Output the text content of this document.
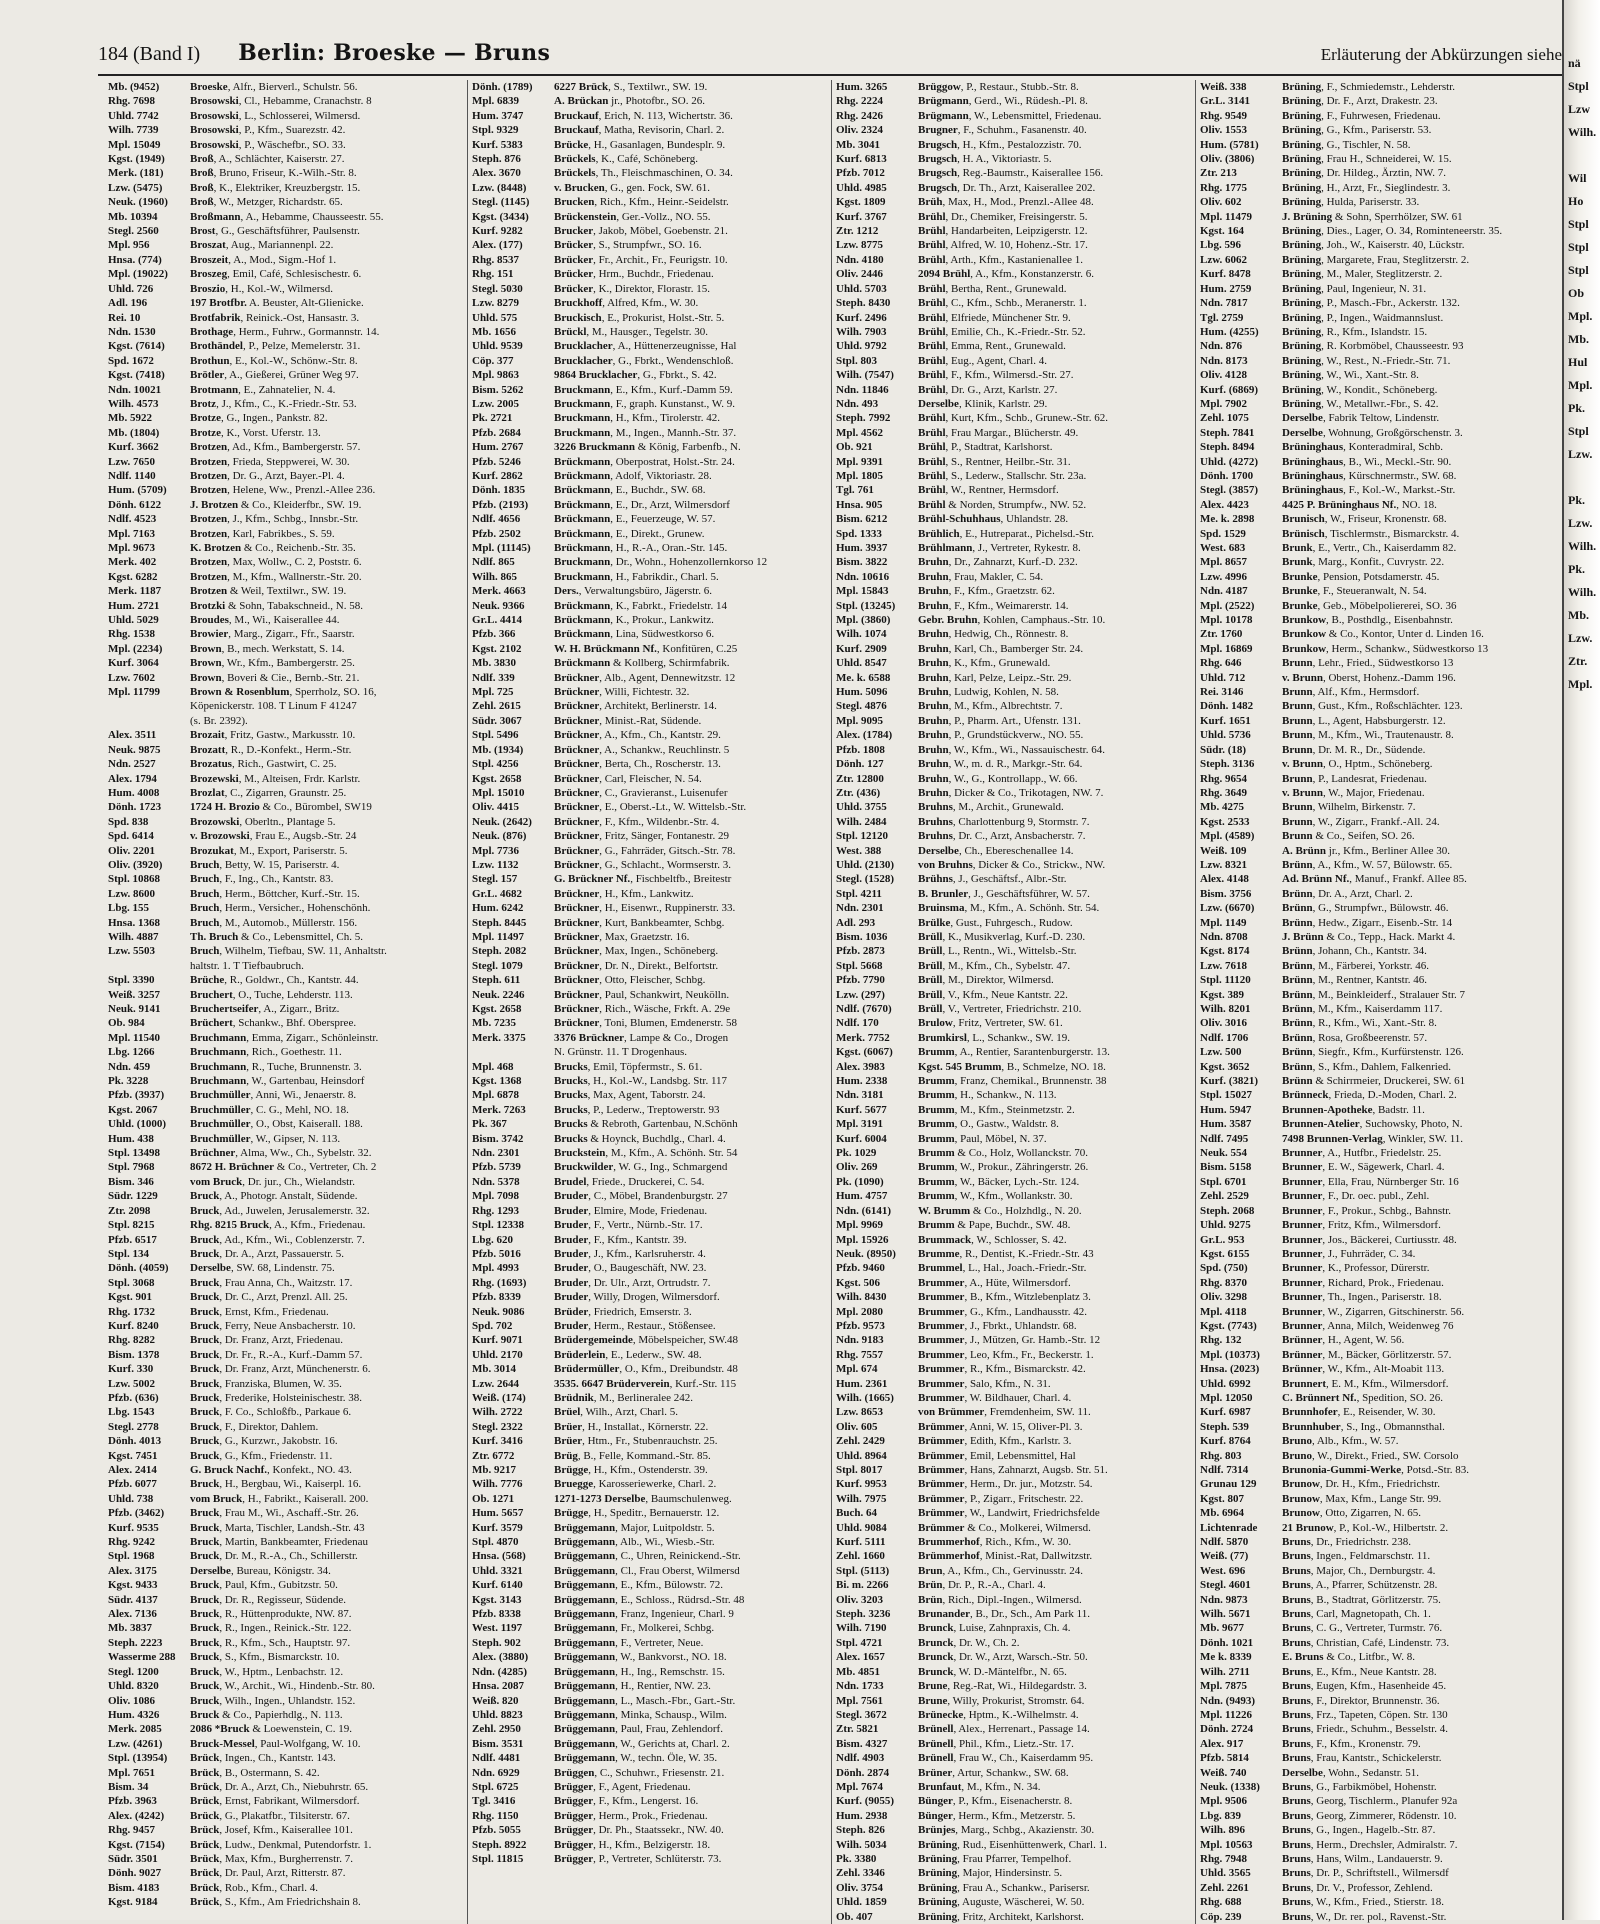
184 (Band I) Berlin: Broeske — Bruns	Erläuterung der Abkürzungen siehe
Mb. (9452)	Broeske, Alfr., Bierverl., Schulstr. 56.
Rhg. 7698	Brosowski, Cl., Hebamme, Cranachstr. 8
Uhld. 7742	Brosowski, L., Schlosserei, Wilmersd.
Wilh. 7739	Brosowski, P., Kfm., Suarezstr. 42.
Mpl. 15049	Brosowski, P., Wäschefbr., SO. 33.
Kgst. (1949) Broß, A., Schlächter, Kaiserstr. 27.
Merk. (181) Broß, Bruno, Friseur, K.-Wilh.-Str. 8.
Lzw. (5475)	Broß, K., Elektriker, Kreuzbergstr. 15.
Neuk. (1960) Broß, W., Metzger, Richardstr. 65.
Mb. 10394	Broßmann, A., Hebamme, Chausseestr. 55.
Stegl. 2560	Brost, G., Geschäftsführer, Paulsenstr.
Mpl. 956	Broszat, Aug., Mariannenpl. 22.
Hnsa. (774)	Broszeit, A., Mod., Sigm.-Hof 1.
Mpl. (19022) Broszeg, Emil, Café, Schlesischestr. 6.
Uhld. 726	Broszio, H., Kol.-W., Wilmersd.
Adl. 196	197 Brotfbr. A. Beuster, Alt-Glienicke.
Rei. 10	Brotfabrik, Reinick.-Ost, Hansastr. 3.
Ndn. 1530	Brothage, Herm., Fuhrw., Gormannstr. 14.
Kgst. (7614) Brothändel, P., Pelze, Memelerstr. 31.
Spd. 1672	Brothun, E., Kol.-W., Schönw.-Str. 8.
Kgst. (7418) Brötler, A., Gießerei, Grüner Weg 97.
Ndn. 10021	Brotmann, E., Zahnatelier, N. 4.
Wilh. 4573	Brotz, J., Kfm., C., K.-Friedr.-Str. 53.
Mb. 5922	Brotze, G., Ingen., Pankstr. 82.
Mb. (1804)	Brotze, K., Vorst. Uferstr. 13.
Kurf. 3662	Brotzen, Ad., Kfm., Bambergerstr. 57.
Lzw. 7650	Brotzen, Frieda, Steppwerei, W. 30.
Ndlf. 1140	Brotzen, Dr. G., Arzt, Bayer.-Pl. 4.
Hum. (5709) Brotzen, Helene, Ww., Prenzl.-Allee 236.
Dönh. 6122	J. Brotzen & Co., Kleiderfbr., SW. 19.
Ndlf. 4523	Brotzen, J., Kfm., Schbg., Innsbr.-Str.
Mpl. 7163	Brotzen, Karl, Fabrikbes., S. 59.
Mpl. 9673	K. Brotzen & Co., Reichenb.-Str. 35.
Merk. 402	Brotzen, Max, Wollw., C. 2, Poststr. 6.
Kgst. 6282	Brotzen, M., Kfm., Wallnerstr.-Str. 20.
Merk. 1187	Brotzen & Weil, Textilwr., SW. 19.
Hum. 2721	Brotzki & Sohn, Tabakschneid., N. 58.
Uhld. 5029	Broudes, M., Wi., Kaiserallee 44.
Rhg. 1538	Browier, Marg., Zigarr., Ffr., Saarstr.
Mpl. (2234)	Brown, B., mech. Werkstatt, S. 14.
Kurf. 3064	Brown, Wr., Kfm., Bambergerstr. 25.
Lzw. 7602	Brown, Boveri & Cie., Bernb.-Str. 21.
Mpl. 11799	Brown & Rosenblum, Sperrholz, SO. 16,
Köpenickerstr. 108. T Linum F 41247
(s. Br. 2392).
Alex. 3511	Brozait, Fritz, Gastw., Markusstr. 10.
Neuk. 9875	Brozatt, R., D.-Konfekt., Herm.-Str.
Ndn. 2527	Brozatus, Rich., Gastwirt, C. 25.
Alex. 1794	Brozewski, M., Alteisen, Frdr. Karlstr.
Hum. 4008	Brozlat, C., Zigarren, Graunstr. 25.
Dönh. 1723	1724 H. Brozio & Co., Bürombel, SW19
Spd. 838	Brozowski, Oberltn., Plantage 5.
Spd. 6414	v. Brozowski, Frau E., Augsb.-Str. 24
Oliv. 2201	Brozukat, M., Export, Pariserstr. 5.
Oliv. (3920)	Bruch, Betty, W. 15, Pariserstr. 4.
Stpl. 10868	Bruch, F., Ing., Ch., Kantstr. 83.
Lzw. 8600	Bruch, Herm., Böttcher, Kurf.-Str. 15.
Lbg. 155	Bruch, Herm., Versicher., Hohenschönh.
Hnsa. 1368	Bruch, M., Automob., Müllerstr. 156.
Wilh. 4887	Th. Bruch & Co., Lebensmittel, Ch. 5.
Lzw. 5503	Bruch, Wilhelm, Tiefbau, SW. 11, Anhaltstr.
haltstr. 1. T Tiefbaubruch.
Stpl. 3390	Brüche, R., Goldwr., Ch., Kantstr. 44.
Weiß. 3257	Bruchert, O., Tuche, Lehderstr. 113.
Neuk. 9141	Bruchertseifer, A., Zigarr., Britz.
Ob. 984	Brüchert, Schankw., Bhf. Oberspree.
Mpl. 11540	Bruchmann, Emma, Zigarr., Schönleinstr.
Lbg. 1266	Bruchmann, Rich., Goethestr. 11.
Ndn. 459	Bruchmann, R., Tuche, Brunnenstr. 3.
Pk. 3228	Bruchmann, W., Gartenbau, Heinsdorf
Pfzb. (3937) Bruchmüller, Anni, Wi., Jenaerstr. 8.
Kgst. 2067	Bruchmüller, C. G., Mehl, NO. 18.
Uhld. (1000) Bruchmüller, O., Obst, Kaiserall. 188.
Hum. 438	Bruchmüller, W., Gipser, N. 113.
Stpl. 13498	Brüchner, Alma, Ww., Ch., Sybelstr. 32.
Stpl. 7968	8672 H. Brüchner & Co., Vertreter, Ch. 2
Bism. 346	vom Bruck, Dr. jur., Ch., Wielandstr.
Südr. 1229	Bruck, A., Photogr. Anstalt, Südende.
Ztr. 2098	Bruck, Ad., Juwelen, Jerusalemerstr. 32.
Stpl. 8215	Rhg. 8215 Bruck, A., Kfm., Friedenau.
Pfzb. 6517	Bruck, Ad., Kfm., Wi., Coblenzerstr. 7.
Stpl. 134	Bruck, Dr. A., Arzt, Passauerstr. 5.
Dönh. (4059) Derselbe, SW. 68, Lindenstr. 75.
Stpl. 3068	Bruck, Frau Anna, Ch., Waitzstr. 17.
Kgst. 901	Bruck, Dr. C., Arzt, Prenzl. All. 25.
Rhg. 1732	Bruck, Ernst, Kfm., Friedenau.
Kurf. 8240	Bruck, Ferry, Neue Ansbacherstr. 10.
Rhg. 8282	Bruck, Dr. Franz, Arzt, Friedenau.
Bism. 1378	Bruck, Dr. Fr., R.-A., Kurf.-Damm 57.
Kurf. 330	Bruck, Dr. Franz, Arzt, Münchenerstr. 6.
Lzw. 5002	Bruck, Franziska, Blumen, W. 35.
Pfzb. (636)	Bruck, Frederike, Holsteinischestr. 38.
Lbg. 1543	Bruck, F. Co., Schloßfb., Parkaue 6.
Stegl. 2778	Bruck, F., Direktor, Dahlem.
Dönh. 4013	Bruck, G., Kurzwr., Jakobstr. 16.
Kgst. 7451	Bruck, G., Kfm., Friedenstr. 11.
Alex. 2414	G. Bruck Nachf., Konfekt., NO. 43.
Pfzb. 6077	Bruck, H., Bergbau, Wi., Kaiserpl. 16.
Uhld. 738	vom Bruck, H., Fabrikt., Kaiserall. 200.
Pfzb. (3462) Bruck, Frau M., Wi., Aschaff.-Str. 26.
Kurf. 9535	Bruck, Marta, Tischler, Landsh.-Str. 43
Rhg. 9242	Bruck, Martin, Bankbeamter, Friedenau
Stpl. 1968	Bruck, Dr. M., R.-A., Ch., Schillerstr.
Alex. 3175	Derselbe, Bureau, Königstr. 34.
Kgst. 9433	Bruck, Paul, Kfm., Gubitzstr. 50.
Südr. 4137	Bruck, Dr. R., Regisseur, Südende.
Alex. 7136	Bruck, R., Hüttenprodukte, NW. 87.
Mb. 3837	Bruck, R., Ingen., Reinick.-Str. 122.
Steph. 2223	Bruck, R., Kfm., Sch., Hauptstr. 97.
Wasserme 288 Bruck, S., Kfm., Bismarckstr. 10.
Stegl. 1200	Bruck, W., Hptm., Lenbachstr. 12.
Uhld. 8320	Bruck, W., Archit., Wi., Hindenb.-Str. 80.
Oliv. 1086	Bruck, Wilh., Ingen., Uhlandstr. 152.
Hum. 4326	Bruck & Co., Papierhdlg., N. 113.
Merk. 2085	2086 *Bruck & Loewenstein, C. 19.
Lzw. (4261)	Bruck-Messel, Paul-Wolfgang, W. 10.
Stpl. (13954) Brück, Ingen., Ch., Kantstr. 143.
Mpl. 7651	Brück, B., Ostermann, S. 42.
Bism. 34	Brück, Dr. A., Arzt, Ch., Niebuhrstr. 65.
Pfzb. 3963	Brück, Ernst, Fabrikant, Wilmersdorf.
Alex. (4242) Brück, G., Plakatfbr., Tilsiterstr. 67.
Rhg. 9457	Brück, Josef, Kfm., Kaiserallee 101.
Kgst. (7154) Brück, Ludw., Denkmal, Putendorfstr. 1.
Südr. 3501	Brück, Max, Kfm., Burgherrenstr. 7.
Dönh. 9027	Brück, Dr. Paul, Arzt, Ritterstr. 87.
Bism. 4183	Brück, Rob., Kfm., Charl. 4.
Kgst. 9184	Brück, S., Kfm., Am Friedrichshain 8.
Dönh. (1789) 6227 Brück, S., Textilwr., SW. 19.
Mpl. 6839	A. Brückan jr., Photofbr., SO. 26.
Hum. 3747	Bruckauf, Erich, N. 113, Wichertstr. 36.
Stpl. 9329	Bruckauf, Matha, Revisorin, Charl. 2.
Kurf. 5383	Brücke, H., Gasanlagen, Bundesplr. 9.
Steph. 876	Brückels, K., Café, Schöneberg.
Alex. 3670	Brückels, Th., Fleischmaschinen, O. 34.
Lzw. (8448)	v. Brucken, G., gen. Fock, SW. 61.
Stegl. (1145) Brucken, Rich., Kfm., Heinr.-Seidelstr.
Kgst. (3434) Brückenstein, Ger.-Vollz., NO. 55.
Kurf. 9282	Brucker, Jakob, Möbel, Goebenstr. 21.
Alex. (177)	Brücker, S., Strumpfwr., SO. 16.
Rhg. 8537	Brücker, Fr., Archit., Fr., Feurigstr. 10.
Rhg. 151	Brücker, Hrm., Buchdr., Friedenau.
Stegl. 5030	Brücker, K., Direktor, Florastr. 15.
Lzw. 8279	Bruckhoff, Alfred, Kfm., W. 30.
Uhld. 575	Bruckisch, E., Prokurist, Holst.-Str. 5.
Mb. 1656	Brückl, M., Hausger., Tegelstr. 30.
Uhld. 9539	Brucklacher, A., Hüttenerzeugnisse, Hal
Cöp. 377	Brucklacher, G., Fbrkt., Wendenschloß.
Mpl. 9863	9864 Brucklacher, G., Fbrkt., S. 42.
Bism. 5262	Bruckmann, E., Kfm., Kurf.-Damm 59.
Lzw. 2005	Bruckmann, F., graph. Kunstanst., W. 9.
Pk. 2721	Bruckmann, H., Kfm., Tirolerstr. 42.
Pfzb. 2684	Bruckmann, M., Ingen., Mannh.-Str. 37.
Hum. 2767	3226 Bruckmann & König, Farbenfb., N.
Pfzb. 5246	Brückmann, Oberpostrat, Holst.-Str. 24.
Kurf. 2862	Brückmann, Adolf, Viktoriastr. 28.
Dönh. 1835	Brückmann, E., Buchdr., SW. 68.
Pfzb. (2193) Brückmann, E., Dr., Arzt, Wilmersdorf
Ndlf. 4656	Brückmann, E., Feuerzeuge, W. 57.
Pfzb. 2502	Brückmann, E., Direkt., Grunew.
Mpl. (11145) Brückmann, H., R.-A., Oran.-Str. 145.
Ndlf. 865	Bruckmann, Dr., Wohn., Hohenzollernkorso 12
Wilh. 865	Bruckmann, H., Fabrikdir., Charl. 5.
Merk. 4663	Ders., Verwaltungsbüro, Jägerstr. 6.
Neuk. 9366	Brückmann, K., Fabrkt., Friedelstr. 14
Gr.L. 4414	Brückmann, K., Prokur., Lankwitz.
Pfzb. 366	Brückmann, Lina, Südwestkorso 6.
Kgst. 2102	W. H. Brückmann Nf., Konfitüren, C.25
Mb. 3830	Brückmann & Kollberg, Schirmfabrik.
Ndlf. 339	Brückner, Alb., Agent, Dennewitzstr. 12
Mpl. 725	Brückner, Willi, Fichtestr. 32.
Zehl. 2615	Brückner, Architekt, Berlinerstr. 14.
Südr. 3067	Brückner, Minist.-Rat, Südende.
Stpl. 5496	Brückner, A., Kfm., Ch., Kantstr. 29.
Mb. (1934)	Brückner, A., Schankw., Reuchlinstr. 5
Stpl. 4256	Brückner, Berta, Ch., Roscherstr. 13.
Kgst. 2658	Brückner, Carl, Fleischer, N. 54.
Mpl. 15010	Brückner, C., Gravieranst., Luisenufer
Oliv. 4415	Brückner, E., Oberst.-Lt., W. Wittelsb.-Str.
Neuk. (2642) Brückner, F., Kfm., Wildenbr.-Str. 4.
Neuk. (876)	Brückner, Fritz, Sänger, Fontanestr. 29
Mpl. 7736	Brückner, G., Fahrräder, Gitsch.-Str. 78.
Lzw. 1132	Brückner, G., Schlacht., Wormserstr. 3.
Stegl. 157	G. Brückner Nf., Fischbeltfb., Breitestr
Gr.L. 4682	Brückner, H., Kfm., Lankwitz.
Hum. 6242	Brückner, H., Eisenwr., Ruppinerstr. 33.
Steph. 8445	Brückner, Kurt, Bankbeamter, Schbg.
Mpl. 11497	Brückner, Max, Graetzstr. 16.
Steph. 2082	Brückner, Max, Ingen., Schöneberg.
Stegl. 1079	Brückner, Dr. N., Direkt., Belfortstr.
Steph. 611	Brückner, Otto, Fleischer, Schbg.
Neuk. 2246	Brückner, Paul, Schankwirt, Neukölln.
Kgst. 2658	Brückner, Rich., Wäsche, Frkft. A. 29e
Mb. 7235	Brückner, Toni, Blumen, Emdenerstr. 58
Merk. 3375	3376 Brückner, Lampe & Co., Drogen
N. Grünstr. 11. T Drogenhaus.
Mpl. 468	Brucks, Emil, Töpfermstr., S. 61.
Kgst. 1368	Brucks, H., Kol.-W., Landsbg. Str. 117
Mpl. 6878	Brucks, Max, Agent, Taborstr. 24.
Merk. 7263	Brucks, P., Lederw., Treptowerstr. 93
Pk. 367	Brucks & Rebroth, Gartenbau, N.Schönh
Bism. 3742	Brucks & Hoynck, Buchdlg., Charl. 4.
Ndn. 2301	Bruckstein, M., Kfm., A. Schönh. Str. 54
Pfzb. 5739	Bruckwilder, W. G., Ing., Schmargend
Ndn. 5378	Brudel, Friede., Druckerei, C. 54.
Mpl. 7098	Bruder, C., Möbel, Brandenburgstr. 27
Rhg. 1293	Bruder, Elmire, Mode, Friedenau.
Stpl. 12338	Bruder, F., Vertr., Nürnb.-Str. 17.
Lbg. 620	Bruder, F., Kfm., Kantstr. 39.
Pfzb. 5016	Bruder, J., Kfm., Karlsruherstr. 4.
Mpl. 4993	Bruder, O., Baugeschäft, NW. 23.
Rhg. (1693)	Bruder, Dr. Ulr., Arzt, Ortrudstr. 7.
Pfzb. 8339	Bruder, Willy, Drogen, Wilmersdorf.
Neuk. 9086	Brüder, Friedrich, Emserstr. 3.
Spd. 702	Bruder, Herm., Restaur., Stößensee.
Kurf. 9071	Brüdergemeinde, Möbelspeicher, SW.48
Uhld. 2170	Brüderlein, E., Lederw., SW. 48.
Mb. 3014	Brüdermüller, O., Kfm., Dreibundstr. 48
Lzw. 2644	3535. 6647 Brüderverein, Kurf.-Str. 115
Weiß. (174)	Brüdnik, M., Berlineralee 242.
Wilh. 2722	Brüel, Wilh., Arzt, Charl. 5.
Stegl. 2322	Brüer, H., Installat., Körnerstr. 22.
Kurf. 3416	Brüer, Htm., Fr., Stubenrauchstr. 25.
Ztr. 6772	Brüg, B., Felle, Kommand.-Str. 85.
Mb. 9217	Brügge, H., Kfm., Ostenderstr. 39.
Wilh. 7776	Bruegge, Karosseriewerke, Charl. 2.
Ob. 1271	1271-1273 Derselbe, Baumschulenweg.
Hum. 5657	Brügge, H., Speditr., Bernauerstr. 12.
Kurf. 3579	Brüggemann, Major, Luitpoldstr. 5.
Stpl. 4870	Brüggemann, Alb., Wi., Wiesb.-Str.
Hnsa. (568)	Brüggemann, C., Uhren, Reinickend.-Str.
Uhld. 3321	Brüggemann, Cl., Frau Oberst, Wilmersd
Kurf. 6140	Brüggemann, E., Kfm., Bülowstr. 72.
Kgst. 3143	Brüggemann, E., Schloss., Rüdrsd.-Str. 48
Pfzb. 8338	Brüggemann, Franz, Ingenieur, Charl. 9
West. 1197	Brüggemann, Fr., Molkerei, Schbg.
Steph. 902	Brüggemann, F., Vertreter, Neue.
Alex. (3880) Brüggemann, W., Bankvorst., NO. 18.
Ndn. (4285) Brüggemann, H., Ing., Remschstr. 15.
Hnsa. 2087	Brüggemann, H., Rentier, NW. 23.
Weiß. 820	Brüggemann, L., Masch.-Fbr., Gart.-Str.
Uhld. 8823	Brüggemann, Minka, Schausp., Wilm.
Zehl. 2950	Brüggemann, Paul, Frau, Zehlendorf.
Bism. 3531	Brüggemann, W., Gerichts at, Charl. 2.
Ndlf. 4481	Brüggemann, W., techn. Öle, W. 35.
Ndn. 6929	Brüggen, C., Schuhwr., Friesenstr. 21.
Stpl. 6725	Brügger, F., Agent, Friedenau.
Tgl. 3416	Brügger, F., Kfm., Lengerst. 16.
Rhg. 1150	Brügger, Herm., Prok., Friedenau.
Pfzb. 5055	Brügger, Dr. Ph., Staatssekr., NW. 40.
Steph. 8922	Brügger, H., Kfm., Belzigerstr. 18.
Stpl. 11815	Brügger, P., Vertreter, Schlüterstr. 73.
Hum. 3265	Brüggow, P., Restaur., Stubb.-Str. 8.
Rhg. 2224	Brügmann, Gerd., Wi., Rüdesh.-Pl. 8.
Rhg. 2426	Brügmann, W., Lebensmittel, Friedenau.
Oliv. 2324	Brugner, F., Schuhm., Fasanenstr. 40.
Mb. 3041	Brugsch, H., Kfm., Pestalozzistr. 70.
Kurf. 6813	Brugsch, H. A., Viktoriastr. 5.
Pfzb. 7012	Brugsch, Reg.-Baumstr., Kaiserallee 156.
Uhld. 4985	Brugsch, Dr. Th., Arzt, Kaiserallee 202.
Kgst. 1809	Brüh, Max, H., Mod., Prenzl.-Allee 48.
Kurf. 3767	Brühl, Dr., Chemiker, Freisingerstr. 5.
Ztr. 1212	Brühl, Handarbeiten, Leipzigerstr. 12.
Lzw. 8775	Brühl, Alfred, W. 10, Hohenz.-Str. 17.
Ndn. 4180	Brühl, Arth., Kfm., Kastanienallee 1.
Oliv. 2446	2094 Brühl, A., Kfm., Konstanzerstr. 6.
Uhld. 5703	Brühl, Bertha, Rent., Grunewald.
Steph. 8430	Brühl, C., Kfm., Schb., Meranerstr. 1.
Kurf. 2496	Brühl, Elfriede, Münchener Str. 9.
Wilh. 7903	Brühl, Emilie, Ch., K.-Friedr.-Str. 52.
Uhld. 9792	Brühl, Emma, Rent., Grunewald.
Stpl. 803	Brühl, Eug., Agent, Charl. 4.
Wilh. (7547) Brühl, F., Kfm., Wilmersd.-Str. 27.
Ndn. 11846	Brühl, Dr. G., Arzt, Karlstr. 27.
Ndn. 493	Derselbe, Klinik, Karlstr. 29.
Steph. 7992	Brühl, Kurt, Kfm., Schb., Grunew.-Str. 62.
Mpl. 4562	Brühl, Frau Margar., Blücherstr. 49.
Ob. 921	Brühl, P., Stadtrat, Karlshorst.
Mpl. 9391	Brühl, S., Rentner, Heilbr.-Str. 31.
Mpl. 1805	Brühl, S., Lederw., Stallschr. Str. 23a.
Tgl. 761	Brühl, W., Rentner, Hermsdorf.
Hnsa. 905	Brühl & Norden, Strumpfw., NW. 52.
Bism. 6212	Brühl-Schuhhaus, Uhlandstr. 28.
Spd. 1333	Brühlich, E., Hutreparat., Pichelsd.-Str.
Hum. 3937	Brühlmann, J., Vertreter, Rykestr. 8.
Bism. 3822	Bruhn, Dr., Zahnarzt, Kurf.-D. 232.
Ndn. 10616	Bruhn, Frau, Makler, C. 54.
Mpl. 15843	Bruhn, F., Kfm., Graetzstr. 62.
Stpl. (13245) Bruhn, F., Kfm., Weimarerstr. 14.
Mpl. (3860)	Gebr. Bruhn, Kohlen, Camphaus.-Str. 10.
Wilh. 1074	Bruhn, Hedwig, Ch., Rönnestr. 8.
Kurf. 2909	Bruhn, Karl, Ch., Bamberger Str. 24.
Uhld. 8547	Bruhn, K., Kfm., Grunewald.
Me. k. 6588	Bruhn, Karl, Pelze, Leipz.-Str. 29.
Hum. 5096	Bruhn, Ludwig, Kohlen, N. 58.
Stegl. 4876	Bruhn, M., Kfm., Albrechtstr. 7.
Mpl. 9095	Bruhn, P., Pharm. Art., Ufenstr. 131.
Alex. (1784) Bruhn, P., Grundstückverw., NO. 55.
Pfzb. 1808	Bruhn, W., Kfm., Wi., Nassauischestr. 64.
Dönh. 127	Bruhn, W., m. d. R., Markgr.-Str. 64.
Ztr. 12800	Bruhn, W., G., Kontrollapp., W. 66.
Ztr. (436)	Bruhn, Dicker & Co., Trikotagen, NW. 7.
Uhld. 3755	Bruhns, M., Archit., Grunewald.
Wilh. 2484	Bruhns, Charlottenburg 9, Stormstr. 7.
Stpl. 12120	Bruhns, Dr. C., Arzt, Ansbacherstr. 7.
West. 388	Derselbe, Ch., Ebereschenallee 14.
Uhld. (2130) von Bruhns, Dicker & Co., Strickw., NW.
Stegl. (1528) Brühns, J., Geschäftsf., Albr.-Str.
Stpl. 4211	B. Brunler, J., Geschäftsführer, W. 57.
Ndn. 2301	Bruinsma, M., Kfm., A. Schönh. Str. 54.
Adl. 293	Brülke, Gust., Fuhrgesch., Rudow.
Bism. 1036	Brüll, K., Musikverlag, Kurf.-D. 230.
Pfzb. 2873	Brüll, L., Rentn., Wi., Wittelsb.-Str.
Stpl. 5668	Brüll, M., Kfm., Ch., Sybelstr. 47.
Pfzb. 7790	Brüll, M., Direktor, Wilmersd.
Lzw. (297)	Brüll, V., Kfm., Neue Kantstr. 22.
Ndlf. (7670) Brüll, V., Vertreter, Friedrichstr. 210.
Ndlf. 170	Brulow, Fritz, Vertreter, SW. 61.
Merk. 7752	Brumkirsl, L., Schankw., SW. 19.
Kgst. (6067) Brumm, A., Rentier, Sarantenburgerstr. 13.
Alex. 3983	Kgst. 545 Brumm, B., Schmelze, NO. 18.
Hum. 2338	Brumm, Franz, Chemikal., Brunnenstr. 38
Ndn. 3181	Brumm, H., Schankw., N. 113.
Kurf. 5677	Brumm, M., Kfm., Steinmetzstr. 2.
Mpl. 3191	Brumm, O., Gastw., Waldstr. 8.
Kurf. 6004	Brumm, Paul, Möbel, N. 37.
Pk. 1029	Brumm & Co., Holz, Wollanckstr. 70.
Oliv. 269	Brumm, W., Prokur., Zähringerstr. 26.
Pk. (1090)	Brumm, W., Bäcker, Lych.-Str. 124.
Hum. 4757	Brumm, W., Kfm., Wollankstr. 30.
Ndn. (6141) W. Brumm & Co., Holzhdlg., N. 20.
Mpl. 9969	Brumm & Pape, Buchdr., SW. 48.
Mpl. 15926	Brummack, W., Schlosser, S. 42.
Neuk. (8950) Brumme, R., Dentist, K.-Friedr.-Str. 43
Pfzb. 9460	Brummel, L., Hal., Joach.-Friedr.-Str.
Kgst. 506	Brummer, A., Hüte, Wilmersdorf.
Wilh. 8430	Brummer, B., Kfm., Witzlebenplatz 3.
Mpl. 2080	Brummer, G., Kfm., Landhausstr. 42.
Pfzb. 9573	Brummer, J., Fbrkt., Uhlandstr. 68.
Ndn. 9183	Brummer, J., Mützen, Gr. Hamb.-Str. 12
Rhg. 7557	Brummer, Leo, Kfm., Fr., Beckerstr. 1.
Mpl. 674	Brummer, R., Kfm., Bismarckstr. 42.
Hum. 2361	Brummer, Salo, Kfm., N. 31.
Wilh. (1665) Brummer, W. Bildhauer, Charl. 4.
Lzw. 8653	von Brümmer, Fremdenheim, SW. 11.
Oliv. 605	Brümmer, Anni, W. 15, Oliver-Pl. 3.
Zehl. 2429	Brümmer, Edith, Kfm., Karlstr. 3.
Uhld. 8964	Brümmer, Emil, Lebensmittel, Hal
Stpl. 8017	Brümmer, Hans, Zahnarzt, Augsb. Str. 51.
Kurf. 9953	Brümmer, Herm., Dr. jur., Motzstr. 54.
Wilh. 7975	Brümmer, P., Zigarr., Fritschestr. 22.
Buch. 64	Brümmer, W., Landwirt, Friedrichsfelde
Uhld. 9084	Brümmer & Co., Molkerei, Wilmersd.
Kurf. 5111	Brummerhof, Rich., Kfm., W. 30.
Zehl. 1660	Brümmerhof, Minist.-Rat, Dallwitzstr.
Stpl. (5113)	Brun, A., Kfm., Ch., Gervinusstr. 24.
Bi. m. 2266	Brün, Dr. P., R.-A., Charl. 4.
Oliv. 3203	Brün, Rich., Dipl.-Ingen., Wilmersd.
Steph. 3236	Brunander, B., Dr., Sch., Am Park 11.
Wilh. 7190	Brunck, Luise, Zahnpraxis, Ch. 4.
Stpl. 4721	Brunck, Dr. W., Ch. 2.
Alex. 1657	Brunck, Dr. W., Arzt, Warsch.-Str. 50.
Mb. 4851	Brunck, W. D.-Mäntelfbr., N. 65.
Ndn. 1733	Brune, Reg.-Rat, Wi., Hildegardstr. 3.
Mpl. 7561	Brune, Willy, Prokurist, Stromstr. 64.
Stegl. 3672	Brünecke, Hptm., K.-Wilhelmstr. 4.
Ztr. 5821	Brünell, Alex., Herrenart., Passage 14.
Bism. 4327	Brünell, Phil., Kfm., Lietz.-Str. 17.
Ndlf. 4903	Brünell, Frau W., Ch., Kaiserdamm 95.
Dönh. 2874	Brüner, Artur, Schankw., SW. 68.
Mpl. 7674	Brunfaut, M., Kfm., N. 34.
Kurf. (9055) Bünger, P., Kfm., Eisenacherstr. 8.
Hum. 2938	Bünger, Herm., Kfm., Metzerstr. 5.
Steph. 826	Brünjes, Marg., Schbg., Akazienstr. 30.
Wilh. 5034	Brüning, Rud., Eisenhüttenwerk, Charl. 1.
Pk. 3380	Brüning, Frau Pfarrer, Tempelhof.
Zehl. 3346	Brüning, Major, Hindersinstr. 5.
Oliv. 3754	Brüning, Frau A., Schankw., Parisersr.
Uhld. 1859	Brüning, Auguste, Wäscherei, W. 50.
Ob. 407	Brüning, Fritz, Architekt, Karlshorst.
Weiß. 338	Brüning, F., Schmiedemstr., Lehderstr.
Gr.L. 3141	Brüning, Dr. F., Arzt, Drakestr. 23.
Rhg. 9549	Brüning, F., Fuhrwesen, Friedenau.
Oliv. 1553	Brüning, G., Kfm., Pariserstr. 53.
Hum. (5781) Brüning, G., Tischler, N. 58.
Oliv. (3806)	Brüning, Frau H., Schneiderei, W. 15.
Ztr. 213	Brüning, Dr. Hildeg., Ärztin, NW. 7.
Rhg. 1775	Brüning, H., Arzt, Fr., Sieglindestr. 3.
Oliv. 602	Brüning, Hulda, Pariserstr. 33.
Mpl. 11479	J. Brüning & Sohn, Sperrhölzer, SW. 61
Kgst. 164	Brüning, Dies., Lager, O. 34, Rominteneerstr. 35.
Lbg. 596	Brüning, Joh., W., Kaiserstr. 40, Lückstr.
Lzw. 6062	Brüning, Margarete, Frau, Steglitzerstr. 2.
Kurf. 8478	Brüning, M., Maler, Steglitzerstr. 2.
Hum. 2759	Brüning, Paul, Ingenieur, N. 31.
Ndn. 7817	Brüning, P., Masch.-Fbr., Ackerstr. 132.
Tgl. 2759	Brüning, P., Ingen., Waidmannslust.
Hum. (4255) Brüning, R., Kfm., Islandstr. 15.
Ndn. 876	Brüning, R. Korbmöbel, Chausseestr. 93
Ndn. 8173	Brüning, W., Rest., N.-Friedr.-Str. 71.
Oliv. 4128	Brüning, W., Wi., Xant.-Str. 8.
Kurf. (6869) Brüning, W., Kondit., Schöneberg.
Mpl. 7902	Brüning, W., Metallwr.-Fbr., S. 42.
Zehl. 1075	Derselbe, Fabrik Teltow, Lindenstr.
Steph. 7841	Derselbe, Wohnung, Großgörschenstr. 3.
Steph. 8494	Brüninghaus, Konteradmiral, Schb.
Uhld. (4272) Brüninghaus, B., Wi., Meckl.-Str. 90.
Dönh. 1700	Brüninghaus, Kürschnermstr., SW. 68.
Stegl. (3857) Brüninghaus, F., Kol.-W., Markst.-Str.
Alex. 4423	4425 P. Brüninghaus Nf., NO. 18.
Me. k. 2898	Brunisch, W., Friseur, Kronenstr. 68.
Spd. 1529	Brünisch, Tischlermstr., Bismarckstr. 4.
West. 683	Brunk, E., Vertr., Ch., Kaiserdamm 82.
Mpl. 8657	Brunk, Marg., Konfit., Cuvrystr. 22.
Lzw. 4996	Brunke, Pension, Potsdamerstr. 45.
Ndn. 4187	Brunke, F., Steueranwalt, N. 54.
Mpl. (2522)	Brunke, Geb., Möbelpoliererei, SO. 36
Mpl. 10178	Brunkow, B., Posthdlg., Eisenbahnstr.
Ztr. 1760	Brunkow & Co., Kontor, Unter d. Linden 16.
Mpl. 16869	Brunkow, Herm., Schankw., Südwestkorso 13
Rhg. 646	Brunn, Lehr., Fried., Südwestkorso 13
Uhld. 712	v. Brunn, Oberst, Hohenz.-Damm 196.
Rei. 3146	Brunn, Alf., Kfm., Hermsdorf.
Dönh. 1482	Brunn, Gust., Kfm., Roßschlächter. 123.
Kurf. 1651	Brunn, L., Agent, Habsburgerstr. 12.
Uhld. 5736	Brunn, M., Kfm., Wi., Trautenaustr. 8.
Südr. (18)	Brunn, Dr. M. R., Dr., Südende.
Steph. 3136	v. Brunn, O., Hptm., Schöneberg.
Rhg. 9654	Brunn, P., Landesrat, Friedenau.
Rhg. 3649	v. Brunn, W., Major, Friedenau.
Mb. 4275	Brunn, Wilhelm, Birkenstr. 7.
Kgst. 2533	Brunn, W., Zigarr., Frankf.-All. 24.
Mpl. (4589)	Brunn & Co., Seifen, SO. 26.
Weiß. 109	A. Brünn jr., Kfm., Berliner Allee 30.
Lzw. 8321	Brünn, A., Kfm., W. 57, Bülowstr. 65.
Alex. 4148	Ad. Brünn Nf., Manuf., Frankf. Allee 85.
Bism. 3756	Brünn, Dr. A., Arzt, Charl. 2.
Lzw. (6670)	Brünn, G., Strumpfwr., Bülowstr. 46.
Mpl. 1149	Brünn, Hedw., Zigarr., Eisenb.-Str. 14
Ndn. 8708	J. Brünn & Co., Tepp., Hack. Markt 4.
Kgst. 8174	Brünn, Johann, Ch., Kantstr. 34.
Lzw. 7618	Brünn, M., Färberei, Yorkstr. 46.
Stpl. 11120	Brünn, M., Rentner, Kantstr. 46.
Kgst. 389	Brünn, M., Beinkleiderf., Stralauer Str. 7
Wilh. 8201	Brünn, M., Kfm., Kaiserdamm 117.
Oliv. 3016	Brünn, R., Kfm., Wi., Xant.-Str. 8.
Ndlf. 1706	Brünn, Rosa, Großbeerenstr. 57.
Lzw. 500	Brünn, Siegfr., Kfm., Kurfürstenstr. 126.
Kgst. 3652	Brünn, S., Kfm., Dahlem, Falkenried.
Kurf. (3821) Brünn & Schirrmeier, Druckerei, SW. 61
Stpl. 15027	Brünneck, Frieda, D.-Moden, Charl. 2.
Hum. 5947	Brunnen-Apotheke, Badstr. 11.
Hum. 3587	Brunnen-Atelier, Suchowsky, Photo, N.
Ndlf. 7495	7498 Brunnen-Verlag, Winkler, SW. 11.
Neuk. 554	Brunner, A., Hutfbr., Friedelstr. 25.
Bism. 5158	Brunner, E. W., Sägewerk, Charl. 4.
Stpl. 6701	Brunner, Ella, Frau, Nürnberger Str. 16
Zehl. 2529	Brunner, F., Dr. oec. publ., Zehl.
Steph. 2068	Brunner, F., Prokur., Schbg., Bahnstr.
Uhld. 9275	Brunner, Fritz, Kfm., Wilmersdorf.
Gr.L. 953	Brunner, Jos., Bäckerei, Curtiusstr. 48.
Kgst. 6155	Brunner, J., Fuhrräder, C. 34.
Spd. (750)	Brunner, K., Professor, Dürerstr.
Rhg. 8370	Brunner, Richard, Prok., Friedenau.
Oliv. 3298	Brunner, Th., Ingen., Pariserstr. 18.
Mpl. 4118	Brunner, W., Zigarren, Gitschinerstr. 56.
Kgst. (7743) Brunner, Anna, Milch, Weidenweg 76
Rhg. 132	Brünner, H., Agent, W. 56.
Mpl. (10373) Brünner, M., Bäcker, Görlitzerstr. 57.
Hnsa. (2023) Brünner, W., Kfm., Alt-Moabit 113.
Uhld. 6992	Brunnert, E. M., Kfm., Wilmersdorf.
Mpl. 12050	C. Brünnert Nf., Spedition, SO. 26.
Kurf. 6987	Brunnhofer, E., Reisender, W. 30.
Steph. 539	Brunnhuber, S., Ing., Obmannsthal.
Kurf. 8764	Bruno, Alb., Kfm., W. 57.
Rhg. 803	Bruno, W., Direkt., Fried., SW. Corsolo
Ndlf. 7314	Brunonia-Gummi-Werke, Potsd.-Str. 83.
Grunau 129 Brunow, Dr. H., Kfm., Friedrichstr.
Kgst. 807	Brunow, Max, Kfm., Lange Str. 99.
Mb. 6964	Brunow, Otto, Zigarren, N. 65.
Lichtenrade 21 Brunow, P., Kol.-W., Hilbertstr. 2.
Ndlf. 5870	Bruns, Dr., Friedrichstr. 238.
Weiß. (77)	Bruns, Ingen., Feldmarschstr. 11.
West. 696	Bruns, Major, Ch., Dernburgstr. 4.
Stegl. 4601	Bruns, A., Pfarrer, Schützenstr. 28.
Ndn. 9873	Bruns, B., Stadtrat, Görlitzerstr. 75.
Wilh. 5671	Bruns, Carl, Magnetopath, Ch. 1.
Mb. 9677	Bruns, C. G., Vertreter, Turmstr. 76.
Dönh. 1021	Bruns, Christian, Café, Lindenstr. 73.
Me k. 8339	E. Bruns & Co., Litfbr., W. 8.
Wilh. 2711	Bruns, E., Kfm., Neue Kantstr. 28.
Mpl. 7875	Bruns, Eugen, Kfm., Hasenheide 45.
Ndn. (9493) Bruns, F., Direktor, Brunnenstr. 36.
Mpl. 11226	Bruns, Frz., Tapeten, Cöpen. Str. 130
Dönh. 2724	Bruns, Friedr., Schuhm., Besselstr. 4.
Alex. 917	Bruns, F., Kfm., Kronenstr. 79.
Pfzb. 5814	Bruns, Frau, Kantstr., Schickelerstr.
Weiß. 740	Derselbe, Wohn., Sedanstr. 51.
Neuk. (1338) Bruns, G., Farbikmöbel, Hohenstr.
Mpl. 9506	Bruns, Georg, Tischlerm., Planufer 92a
Lbg. 839	Bruns, Georg, Zimmerer, Rödenstr. 10.
Wilh. 896	Bruns, G., Ingen., Hagelb.-Str. 87.
Mpl. 10563	Bruns, Herm., Drechsler, Admiralstr. 7.
Rhg. 7948	Bruns, Hans, Wilm., Landauerstr. 9.
Uhld. 3565	Bruns, Dr. P., Schriftstell., Wilmersdf
Zehl. 2261	Bruns, Dr. V., Professor, Zehlend.
Rhg. 688	Bruns, W., Kfm., Fried., Stierstr. 18.
Cöp. 239	Bruns, W., Dr. rer. pol., Ravenst.-Str.
nä
Stpl
Lzw
Wilh.

Wil
Ho
Stpl
Stpl
Stpl
Ob
Mpl.
Mb.
Hul
Mpl.
Pk.
Stpl
Lzw.

Pk.
Lzw.
Wilh.
Pk.
Wilh.
Mb.
Lzw.
Ztr.
Mpl.
